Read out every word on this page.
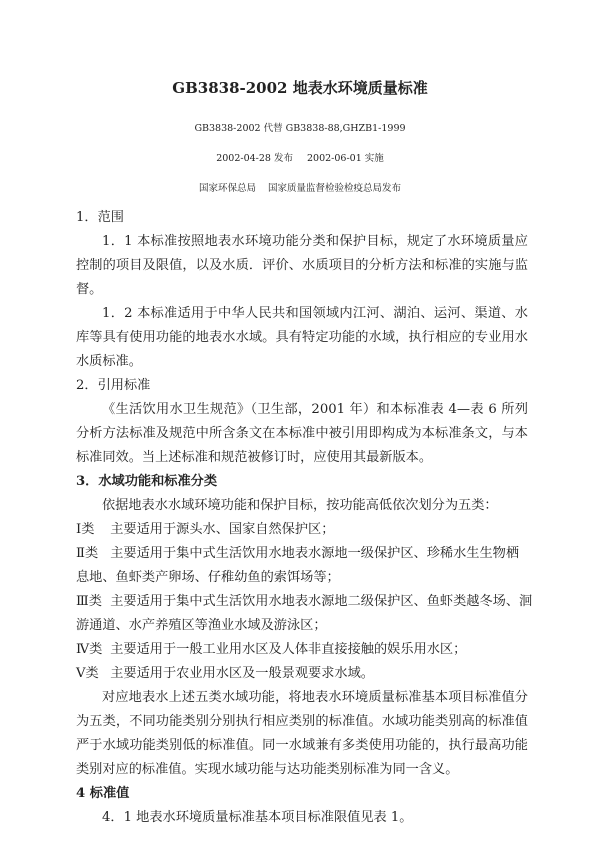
GB3838-2002 地表水环境质量标准
GB3838-2002 代替 GB3838-88,GHZB1-1999
2002-04-28 发布 2002-06-01 实施
国家环保总局 国家质量监督检验检疫总局发布

1．范围

1．1 本标准按照地表水环境功能分类和保护目标，规定了水环境质量应控制的项目及限值，以及水质．评价、水质项目的分析方法和标准的实施与监督。

1．2 本标准适用于中华人民共和国领域内江河、湖泊、运河、渠道、水库等具有使用功能的地表水水域。具有特定功能的水域，执行相应的专业用水水质标准。

2．引用标准

《生活饮用水卫生规范》（卫生部，2001 年）和本标准表 4—表 6 所列分析方法标准及规范中所含条文在本标准中被引用即构成为本标准条文，与本标准同效。当上述标准和规范被修订时，应使用其最新版本。

3．水域功能和标准分类

依据地表水水域环境功能和保护目标，按功能高低依次划分为五类：

Ⅰ类 主要适用于源头水、国家自然保护区；

Ⅱ类 主要适用于集中式生活饮用水地表水源地一级保护区、珍稀水生生物栖

息地、鱼虾类产卵场、仔稚幼鱼的索饵场等；

Ⅲ类 主要适用于集中式生活饮用水地表水源地二级保护区、鱼虾类越冬场、洄

游通道、水产养殖区等渔业水域及游泳区；

Ⅳ类 主要适用于一般工业用水区及人体非直接接触的娱乐用水区；

Ⅴ类 主要适用于农业用水区及一般景观要求水域。

对应地表水上述五类水域功能，将地表水环境质量标准基本项目标准值分为五类，不同功能类别分别执行相应类别的标准值。水域功能类别高的标准值严于水域功能类别低的标准值。同一水域兼有多类使用功能的，执行最高功能类别对应的标准值。实现水域功能与达功能类别标准为同一含义。

4 标准值

4．1 地表水环境质量标准基本项目标准限值见表 1。
